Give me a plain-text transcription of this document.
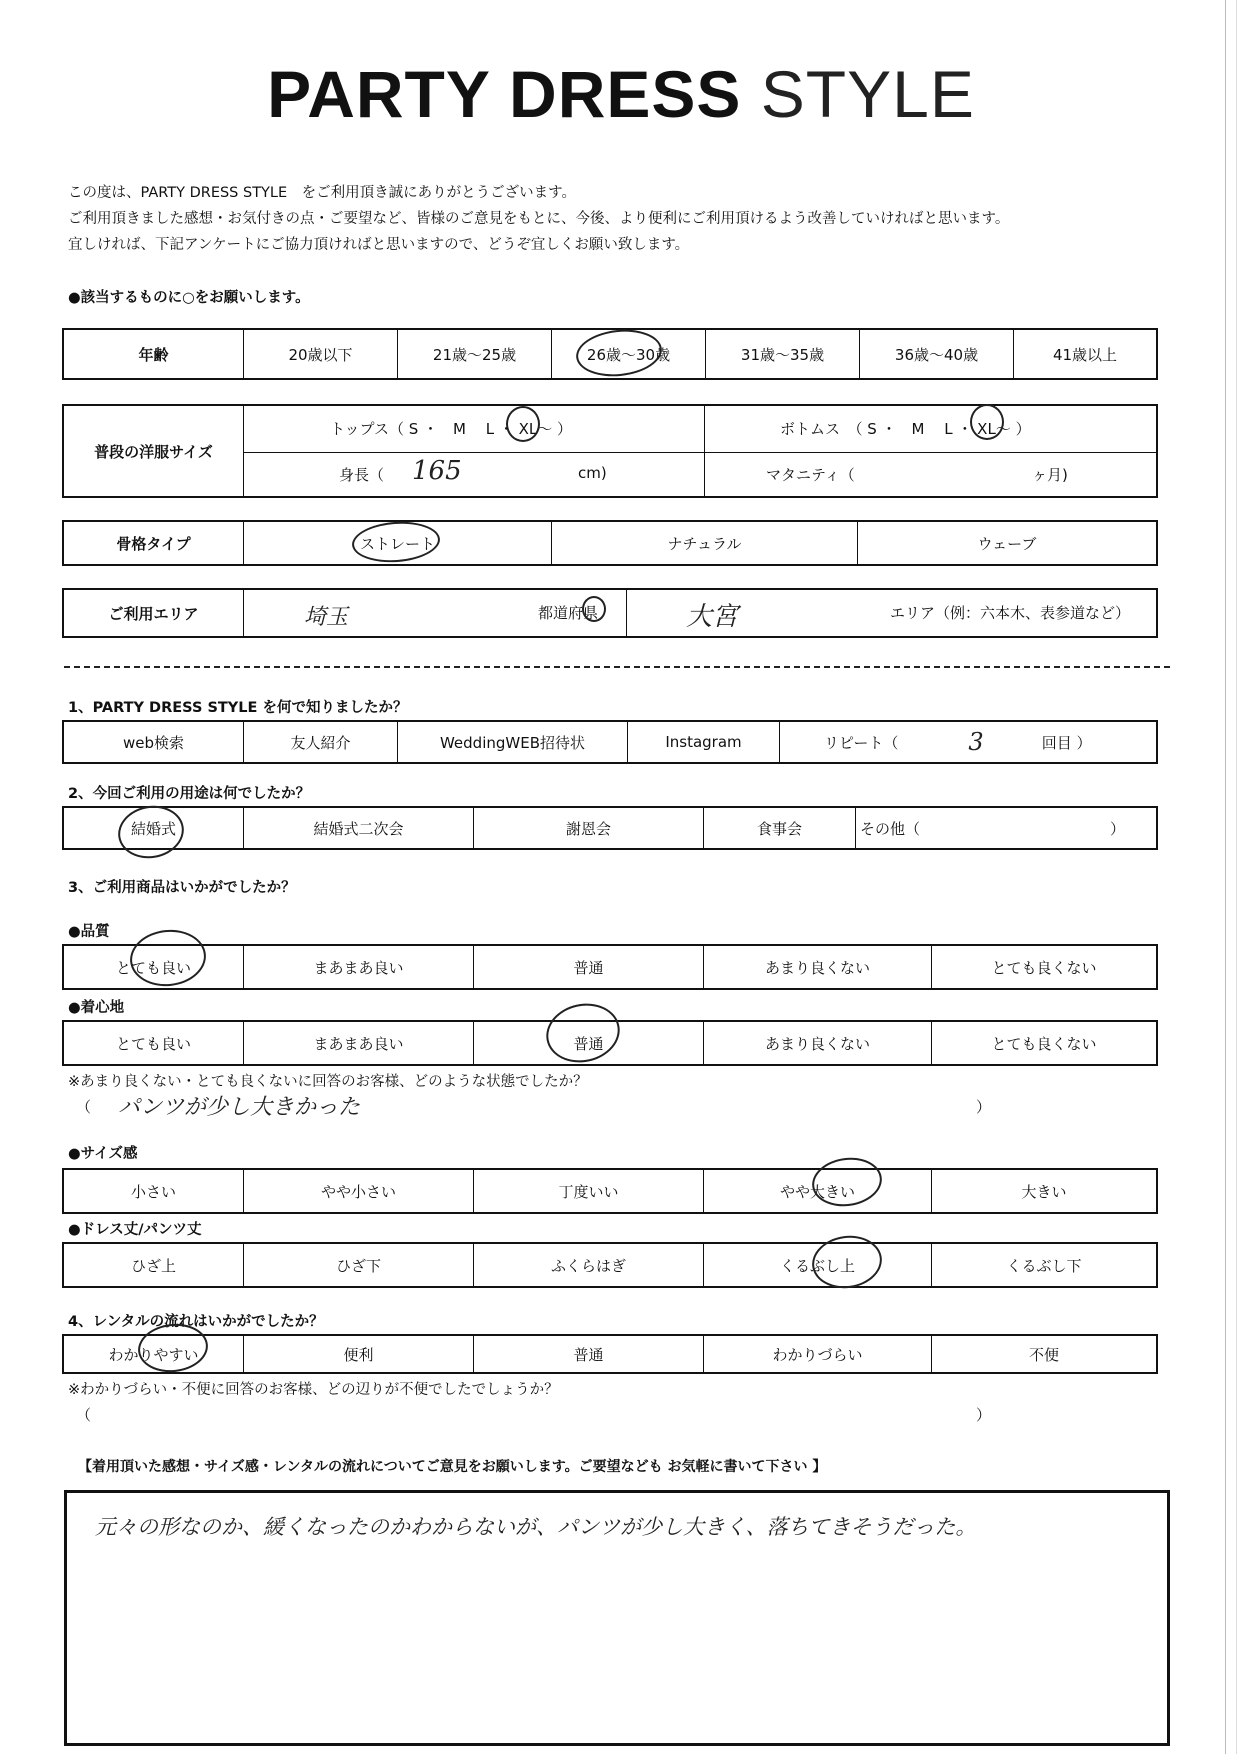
PARTY DRESS STYLE
この度は、PARTY DRESS STYLE　をご利用頂き誠にありがとうございます。
ご利用頂きました感想・お気付きの点・ご要望など、皆様のご意見をもとに、今後、より便利にご利用頂けるよう改善していければと思います。
宜しければ、下記アンケートにご協力頂ければと思いますので、どうぞ宜しくお願い致します。
●該当するものに○をお願いします。
年齢	20歳以下	21歳〜25歳	26歳〜30歳	31歳〜35歳	36歳〜40歳	41歳以上
普段の洋服サイズ
トップス（ S ・　M　 L ・ XL〜 ）	ボトムス　（ S ・　M　 L ・ XL〜 ）
身長（ 165	cm)	マタニティ（	ヶ月)
骨格タイプ	ストレート	ナチュラル	ウェーブ
ご利用エリア	埼玉	都道府県	大宮	エリア（例：六本木、表参道など）
1、PARTY DRESS STYLE を何で知りましたか？
web検索	友人紹介	WeddingWEB招待状	Instagram	リピート（	3	回目 ）
2、今回ご利用の用途は何でしたか？
結婚式	結婚式二次会	謝恩会	食事会	その他（	）
3、ご利用商品はいかがでしたか？
●品質
とても良い	まあまあ良い	普通	あまり良くない	とても良くない
●着心地
とても良い	まあまあ良い	普通	あまり良くない	とても良くない
※あまり良くない・とても良くないに回答のお客様、どのような状態でしたか？
（ パンツが少し大きかった	）
●サイズ感
小さい	やや小さい	丁度いい	やや大きい	大きい
●ドレス丈/パンツ丈
ひざ上	ひざ下	ふくらはぎ	くるぶし上	くるぶし下
4、レンタルの流れはいかがでしたか？
わかりやすい	便利	普通	わかりづらい	不便
※わかりづらい・不便に回答のお客様、どの辺りが不便でしたでしょうか？
（	）
【着用頂いた感想・サイズ感・レンタルの流れについてご意見をお願いします。ご要望なども お気軽に書いて下さい 】
元々の形なのか、緩くなったのかわからないが、パンツが少し大きく、落ちてきそうだった。
